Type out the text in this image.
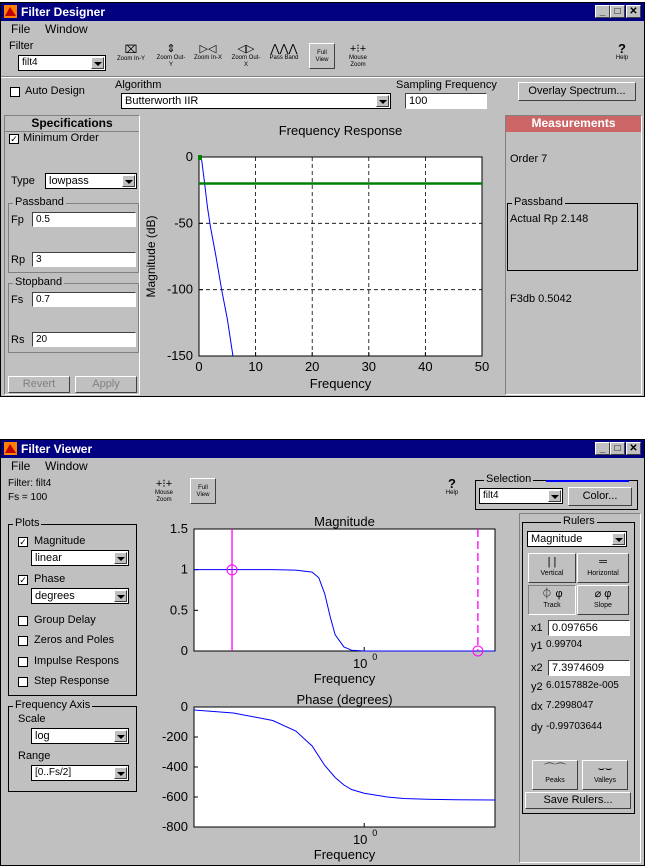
Filter Designer	_ □ ✕
File Window
Filter
filt4
⌧
Zoom In-Y
⇕
Zoom Out-Y
▷◁
Zoom In-X
◁▷
Zoom Out-X
⋀⋀⋀
Pass Band
Full View
+⁝+
Mouse Zoom
?
Help
Auto Design	Algorithm
Butterworth IIR
Sampling Frequency
100
Overlay Spectrum...
Specifications
✓ Minimum Order
Type	lowpass
Passband
Fp	0.5
Rp	3
Stopband
Fs	0.7
Rs	20
Revert	Apply
Frequency Response
0	10	20	30	40	50
0
-50
-100
-150
Frequency
Magnitude (dB)
Measurements
Order 7
Passband
Actual Rp 2.148
F3db 0.5042
Filter Viewer	_ □ ✕
File Window
Filter: filt4
Fs = 100
+⁝+
Mouse Zoom
Full View
?
Help
Selection
filt4	Color...
Plots
✓ Magnitude
linear
✓ Phase
degrees
Group Delay
Zeros and Poles
Impulse Respons
Step Response
Frequency Axis
Scale
log
Range
[0..Fs/2]
Magnitude
0
0.5
1
1.5
10 0
Frequency
Phase (degrees)
0
-200
-400
-600
-800
10 0
Frequency
Rulers
Magnitude
| |
Vertical
═
Horizontal
⏀ φ
Track
⌀ φ
Slope
x1 0.097656
y1 0.99704
x2 7.3974609
y2 6.0157882e-005
dx 7.2998047
dy -0.99703644
⌒⌒
Peaks
⌣⌣
Valleys
Save Rulers...
